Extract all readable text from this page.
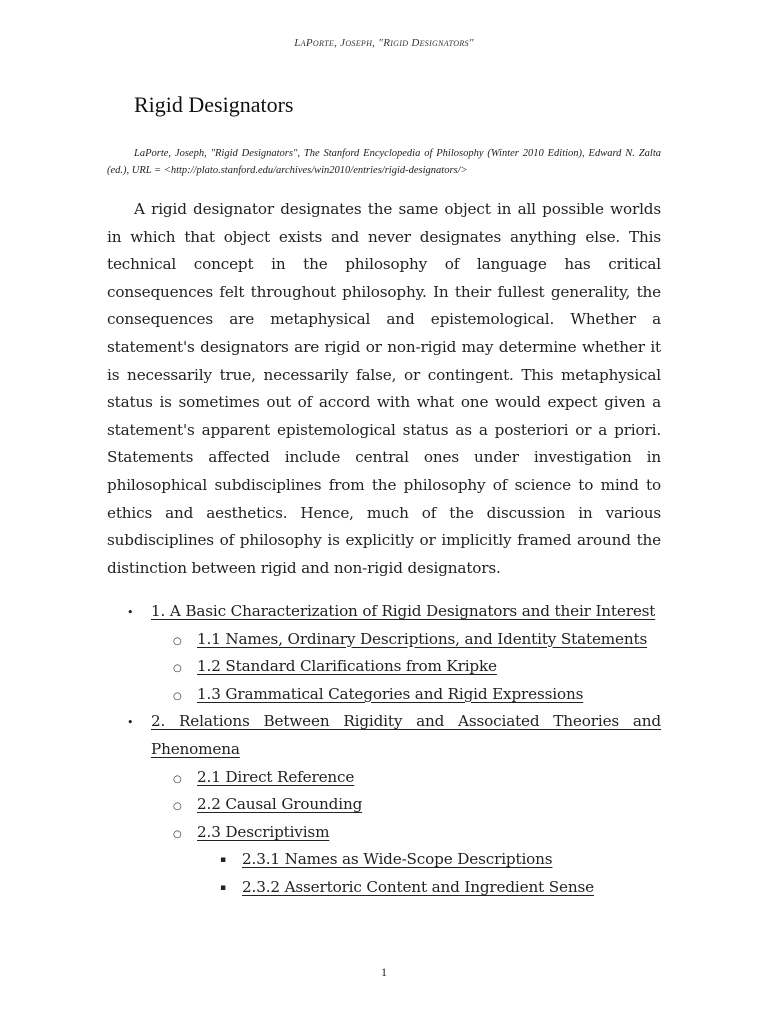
LaPorte, Joseph, "Rigid Designators"
Rigid Designators

LaPorte, Joseph, "Rigid Designators", The Stanford Encyclopedia of Philosophy (Winter 2010 Edition), Edward N. Zalta (ed.), URL = <http://plato.stanford.edu/archives/win2010/entries/rigid-designators/>

A rigid designator designates the same object in all possible worlds in which that object exists and never designates anything else. This technical concept in the philosophy of language has critical consequences felt throughout philosophy. In their fullest generality, the consequences are metaphysical and epistemological. Whether a statement's designators are rigid or non-rigid may determine whether it is necessarily true, necessarily false, or contingent. This metaphysical status is sometimes out of accord with what one would expect given a statement's apparent epistemological status as a posteriori or a priori. Statements affected include central ones under investigation in philosophical subdisciplines from the philosophy of science to mind to ethics and aesthetics. Hence, much of the discussion in various subdisciplines of philosophy is explicitly or implicitly framed around the distinction between rigid and non-rigid designators.

• 1. A Basic Characterization of Rigid Designators and their Interest
○ 1.1 Names, Ordinary Descriptions, and Identity Statements
○ 1.2 Standard Clarifications from Kripke
○ 1.3 Grammatical Categories and Rigid Expressions
• 2. Relations Between Rigidity and Associated Theories and Phenomena
○ 2.1 Direct Reference
○ 2.2 Causal Grounding
○ 2.3 Descriptivism
▪ 2.3.1 Names as Wide-Scope Descriptions
▪ 2.3.2 Assertoric Content and Ingredient Sense
1
